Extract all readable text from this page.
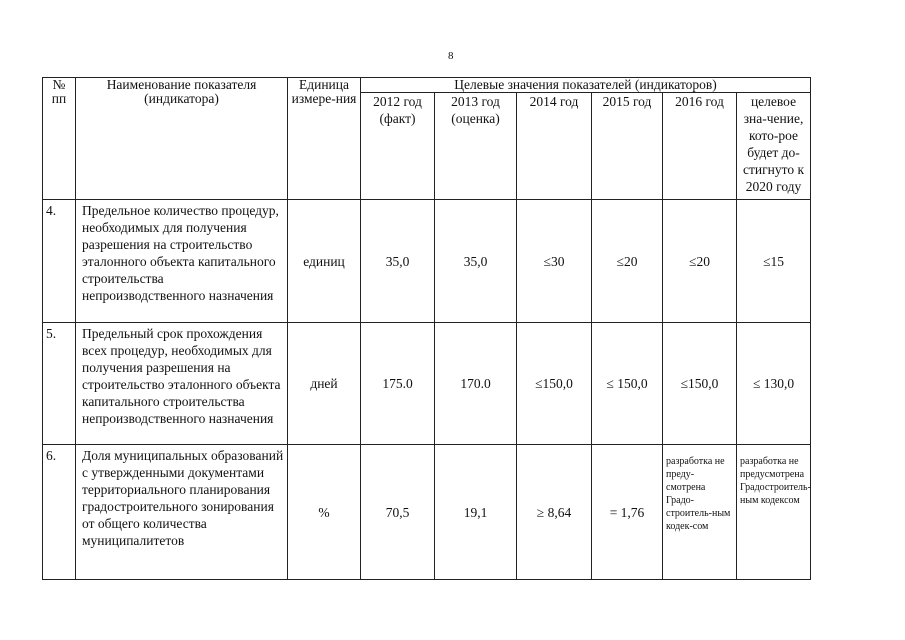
8
№ пп	Наименование показателя (индикатора)	Единица измере-ния	Целевые значения показателей (индикаторов)					
			2012 год (факт)	2013 год (оценка)	2014 год	2015 год	2016 год	целевое зна-чение, кото-рое будет до-стигнуто к 2020 году
4.	Предельное количество процедур, необходимых для получения разрешения на строительство эталонного объекта капитального строительства непроизводственного назначения	единиц	35,0	35,0	≤30	≤20	≤20	≤15
5.	Предельный срок прохождения всех процедур, необходимых для получения разрешения на строительство эталонного объекта капитального строительства непроизводственного назначения	дней	175.0	170.0	≤150,0	≤ 150,0	≤150,0	≤ 130,0
6.	Доля муниципальных образований с утвержденными документами территориального планирования градостроительного зонирования от общего количества муниципалитетов	%	70,5	19,1	≥ 8,64	= 1,76	разработка не преду-смотрена Градо-строитель-ным кодек-сом	разработка не предусмотрена Градостроитель-ным кодексом
